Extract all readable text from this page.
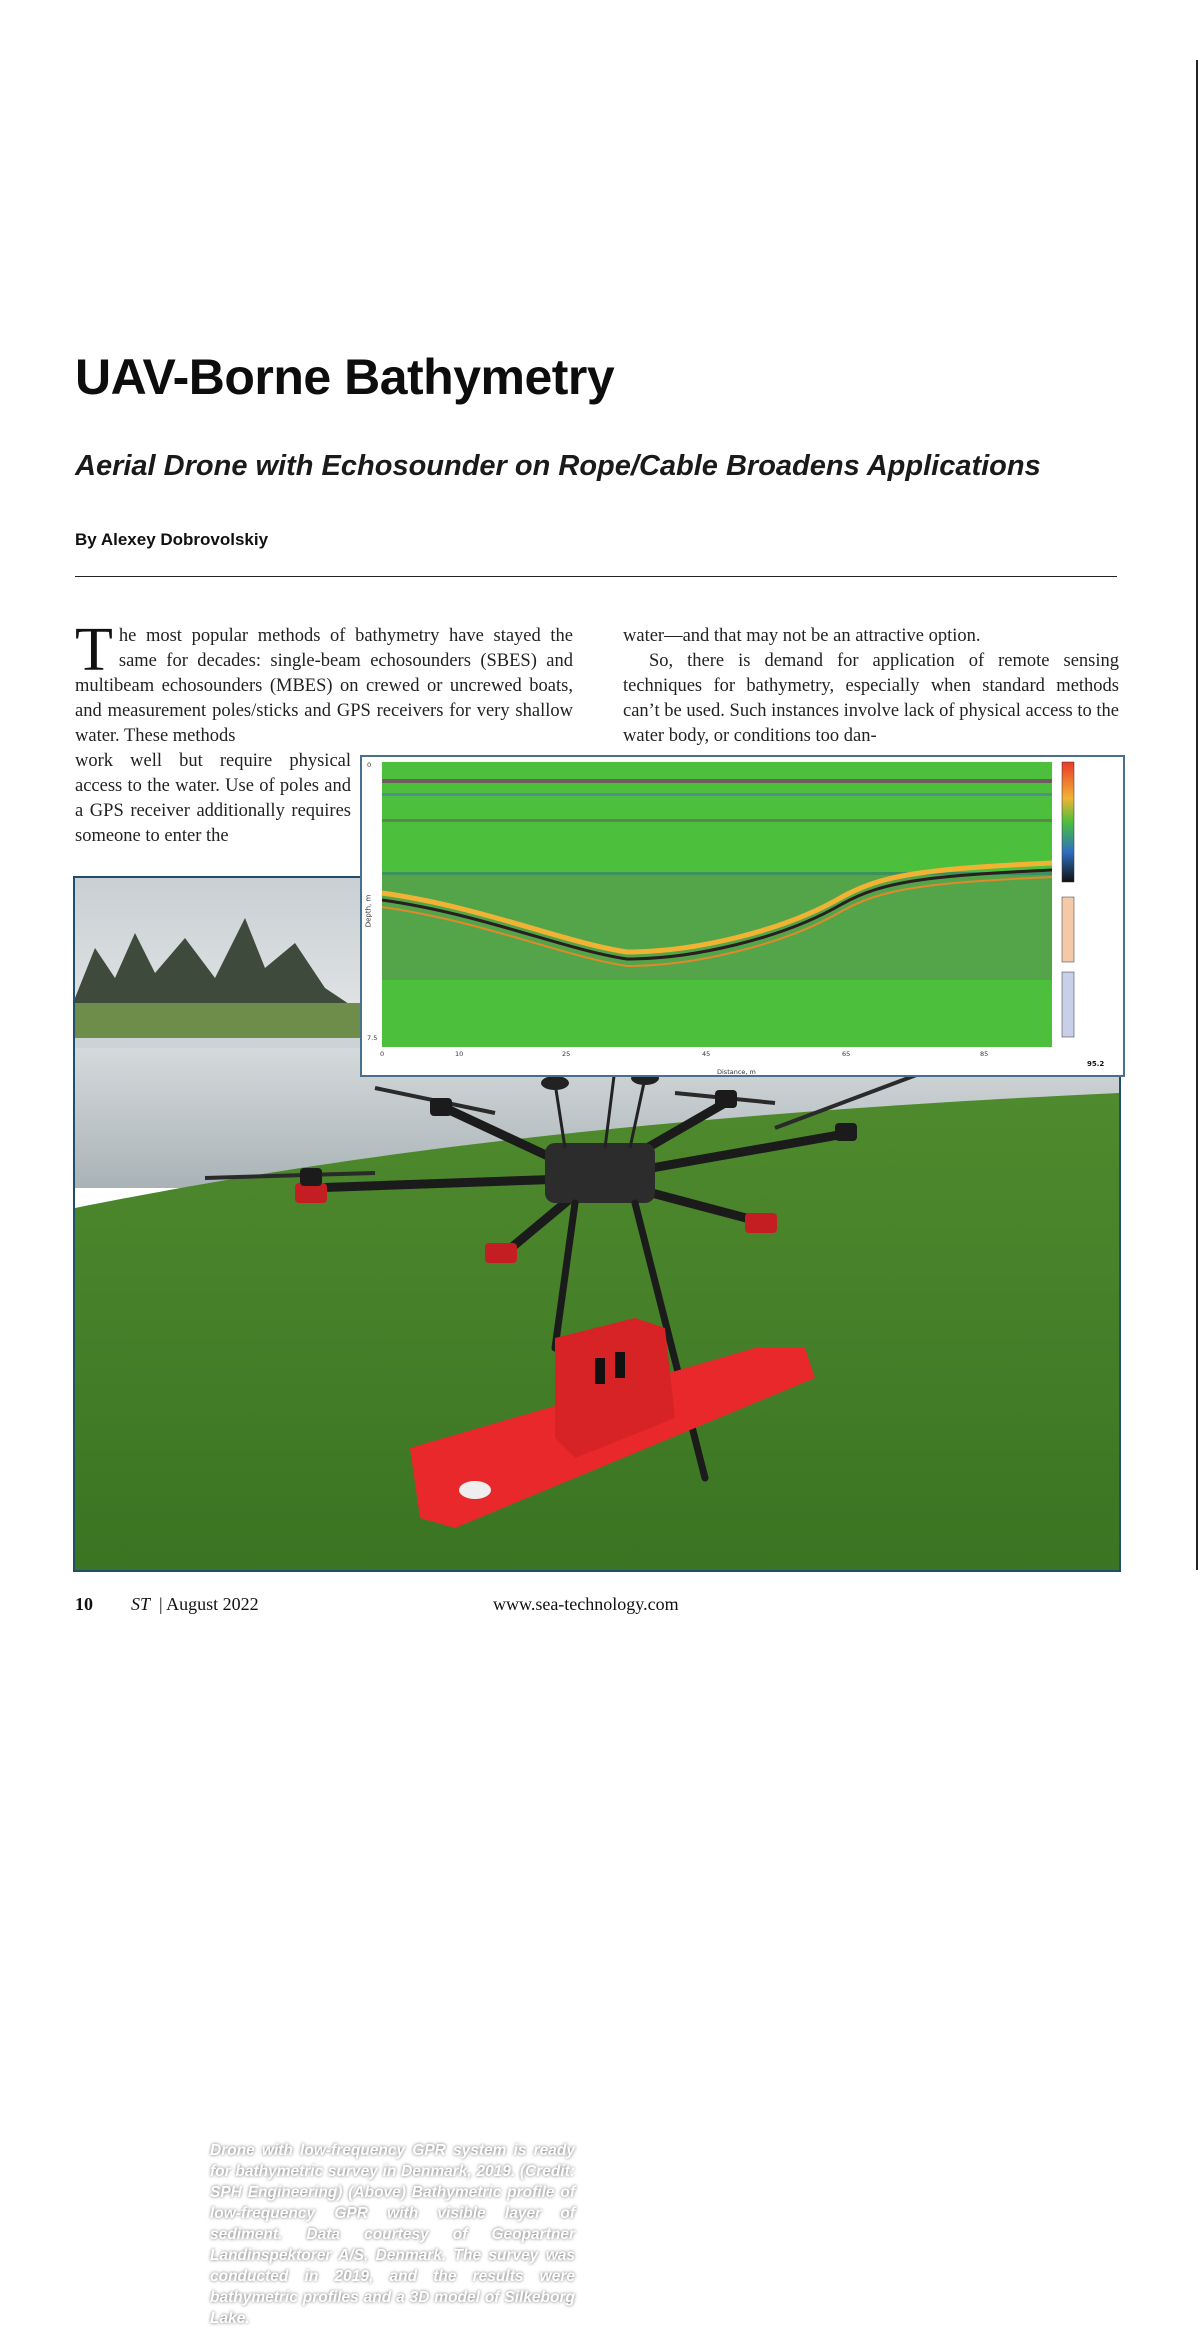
UAV-Borne Bathymetry
Aerial Drone with Echosounder on Rope/Cable Broadens Applications
By Alexey Dobrovolskiy

The most popular methods of bathymetry have stayed the same for decades: single-beam echosounders (SBES) and multibeam echosounders (MBES) on crewed or uncrewed boats, and measurement poles/sticks and GPS receivers for very shallow water. These methods

work well but require physical access to the water. Use of poles and a GPS receiver additionally requires someone to enter the

water—and that may not be an attractive option.

So, there is demand for application of remote sensing techniques for bathymetry, especially when standard methods can’t be used. Such instances involve lack of physical access to the water body, or conditions too dan-

Drone with low-frequency GPR system is ready for bathymetric survey in Denmark, 2019. (Credit: SPH Engineering) (Above) Bathymetric profile of low-frequency GPR with visible layer of sediment. Data courtesy of Geopartner Landinspektorer A/S, Denmark. The survey was conducted in 2019, and the results were bathymetric profiles and a 3D model of Silkeborg Lake.
Depth, m
0
7.5
0	10	25	45	65	85
Distance, m
95.2
10 ST | August 2022	www.sea-technology.com
